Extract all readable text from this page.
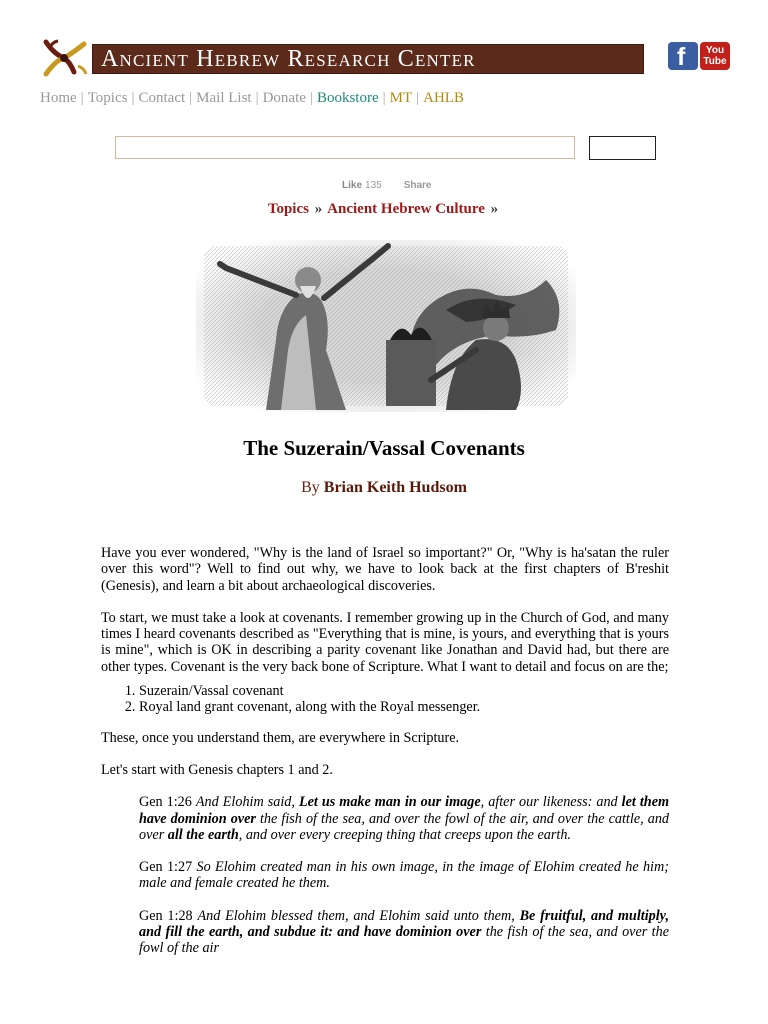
Ancient Hebrew Research Center	f	You
Tube
Home | Topics | Contact | Mail List | Donate | Bookstore | MT | AHLB
Like 135 Share
Topics » Ancient Hebrew Culture »
The Suzerain/Vassal Covenants
By Brian Keith Hudsom

Have you ever wondered, "Why is the land of Israel so important?" Or, "Why is ha'satan the ruler over this word"? Well to find out why, we have to look back at the first chapters of B'reshit (Genesis), and learn a bit about archaeological discoveries.

To start, we must take a look at covenants. I remember growing up in the Church of God, and many times I heard covenants described as "Everything that is mine, is yours, and everything that is yours is mine", which is OK in describing a parity covenant like Jonathan and David had, but there are other types. Covenant is the very back bone of Scripture. What I want to detail and focus on are the;

1. Suzerain/Vassal covenant
2. Royal land grant covenant, along with the Royal messenger.

These, once you understand them, are everywhere in Scripture.

Let's start with Genesis chapters 1 and 2.

Gen 1:26 And Elohim said, Let us make man in our image, after our likeness: and let them have dominion over the fish of the sea, and over the fowl of the air, and over the cattle, and over all the earth, and over every creeping thing that creeps upon the earth.
Gen 1:27 So Elohim created man in his own image, in the image of Elohim created he him; male and female created he them.
Gen 1:28 And Elohim blessed them, and Elohim said unto them, Be fruitful, and multiply, and fill the earth, and subdue it: and have dominion over the fish of the sea, and over the fowl of the air
